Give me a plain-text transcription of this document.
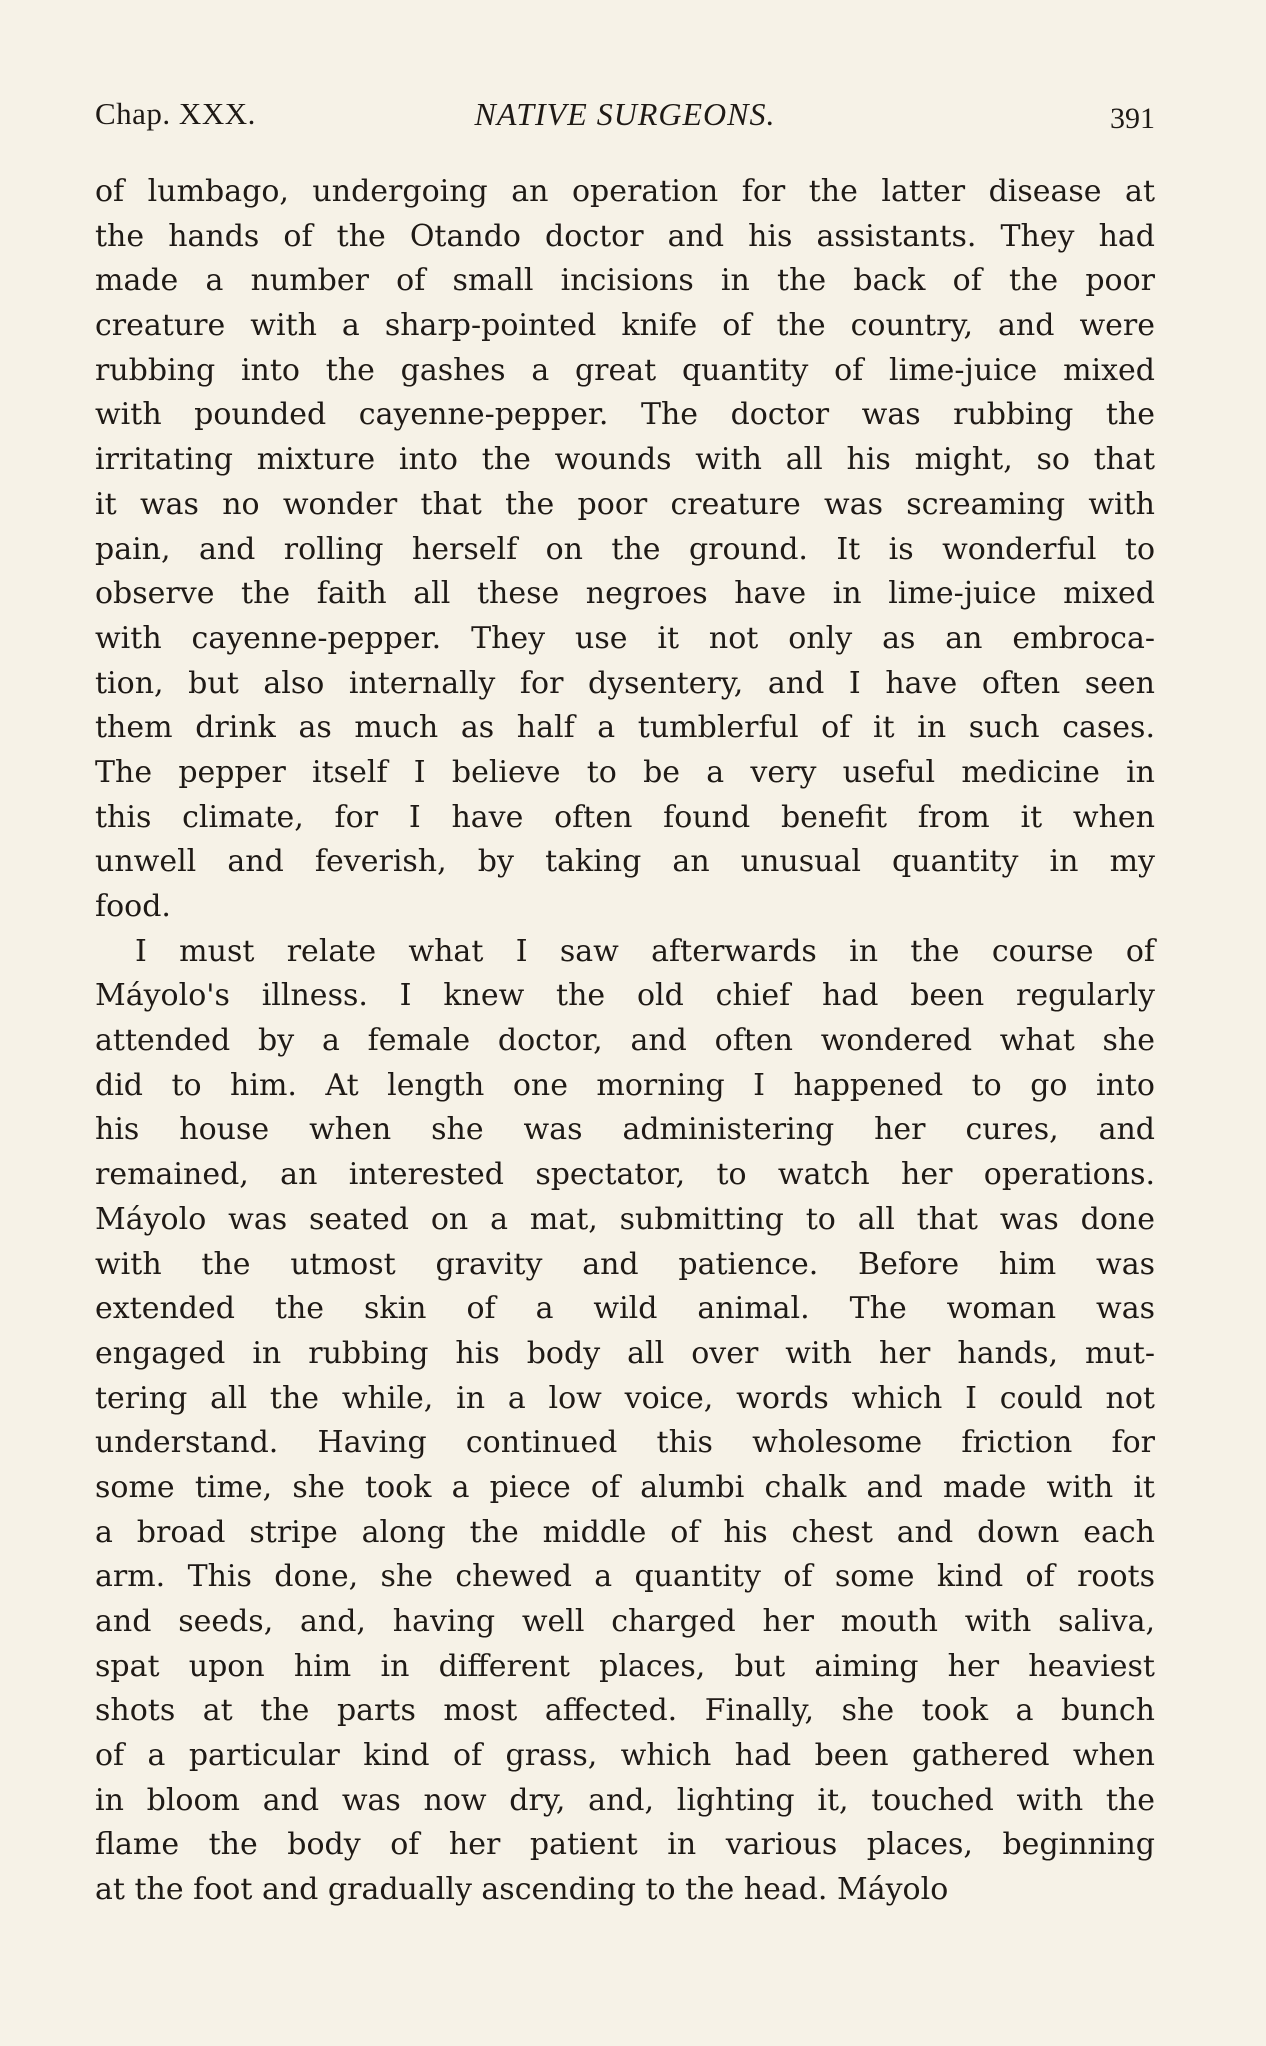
Chap. XXX.	NATIVE SURGEONS.	391
of lumbago, undergoing an operation for the latter disease at
the hands of the Otando doctor and his assistants. They had
made a number of small incisions in the back of the poor
creature with a sharp-pointed knife of the country, and were
rubbing into the gashes a great quantity of lime-juice mixed
with pounded cayenne-pepper. The doctor was rubbing the
irritating mixture into the wounds with all his might, so that
it was no wonder that the poor creature was screaming with
pain, and rolling herself on the ground. It is wonderful to
observe the faith all these negroes have in lime-juice mixed
with cayenne-pepper. They use it not only as an embroca-
tion, but also internally for dysentery, and I have often seen
them drink as much as half a tumblerful of it in such cases.
The pepper itself I believe to be a very useful medicine in
this climate, for I have often found benefit from it when
unwell and feverish, by taking an unusual quantity in my
food.
I must relate what I saw afterwards in the course of
Máyolo's illness. I knew the old chief had been regularly
attended by a female doctor, and often wondered what she
did to him. At length one morning I happened to go into
his house when she was administering her cures, and
remained, an interested spectator, to watch her operations.
Máyolo was seated on a mat, submitting to all that was done
with the utmost gravity and patience. Before him was
extended the skin of a wild animal. The woman was
engaged in rubbing his body all over with her hands, mut-
tering all the while, in a low voice, words which I could not
understand. Having continued this wholesome friction for
some time, she took a piece of alumbi chalk and made with it
a broad stripe along the middle of his chest and down each
arm. This done, she chewed a quantity of some kind of roots
and seeds, and, having well charged her mouth with saliva,
spat upon him in different places, but aiming her heaviest
shots at the parts most affected. Finally, she took a bunch
of a particular kind of grass, which had been gathered when
in bloom and was now dry, and, lighting it, touched with the
flame the body of her patient in various places, beginning
at the foot and gradually ascending to the head. Máyolo
